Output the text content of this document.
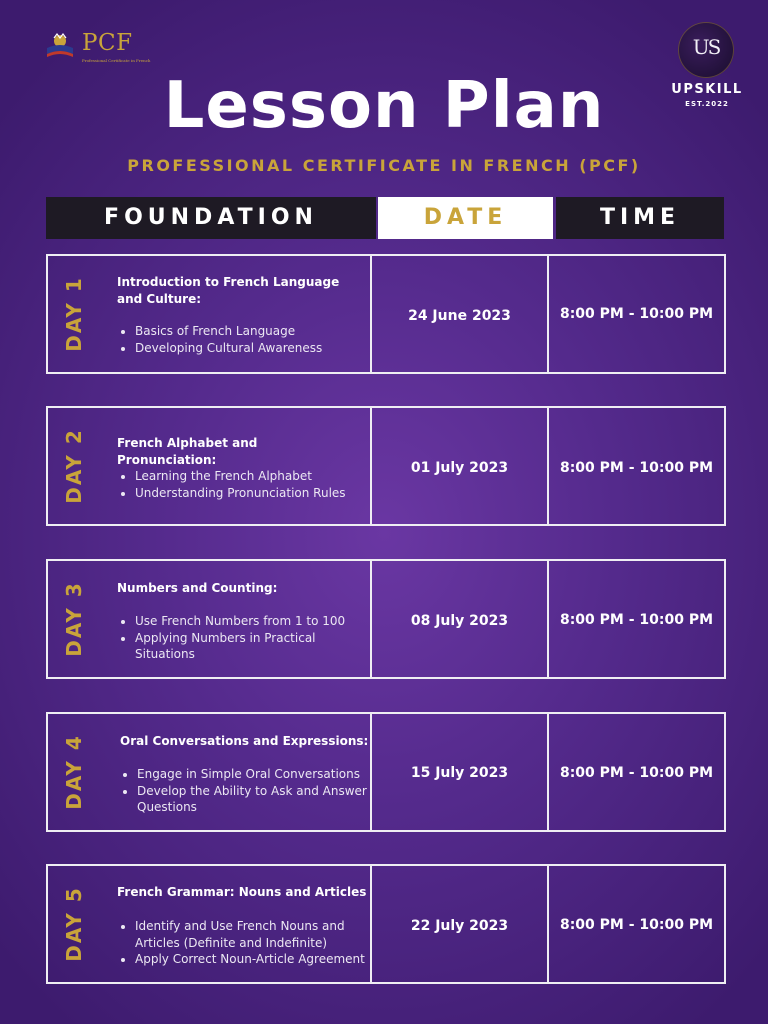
PCF
Professional Certificate in French
US
UPSKILL
EST.2022
Lesson Plan
PROFESSIONAL CERTIFICATE IN FRENCH (PCF)
FOUNDATION	DATE	TIME
DAY 1	Introduction to French Language and Culture:
• Basics of French Language
• Developing Cultural Awareness
24 June 2023	8:00 PM - 10:00 PM
DAY 2	French Alphabet and Pronunciation:
• Learning the French Alphabet
• Understanding Pronunciation Rules
01 July 2023	8:00 PM - 10:00 PM
DAY 3	Numbers and Counting:
• Use French Numbers from 1 to 100
• Applying Numbers in Practical Situations
08 July 2023	8:00 PM - 10:00 PM
DAY 4	Oral Conversations and Expressions:
• Engage in Simple Oral Conversations
• Develop the Ability to Ask and Answer Questions
15 July 2023	8:00 PM - 10:00 PM
DAY 5	French Grammar: Nouns and Articles
• Identify and Use French Nouns and Articles (Definite and Indefinite)
• Apply Correct Noun-Article Agreement
22 July 2023	8:00 PM - 10:00 PM
